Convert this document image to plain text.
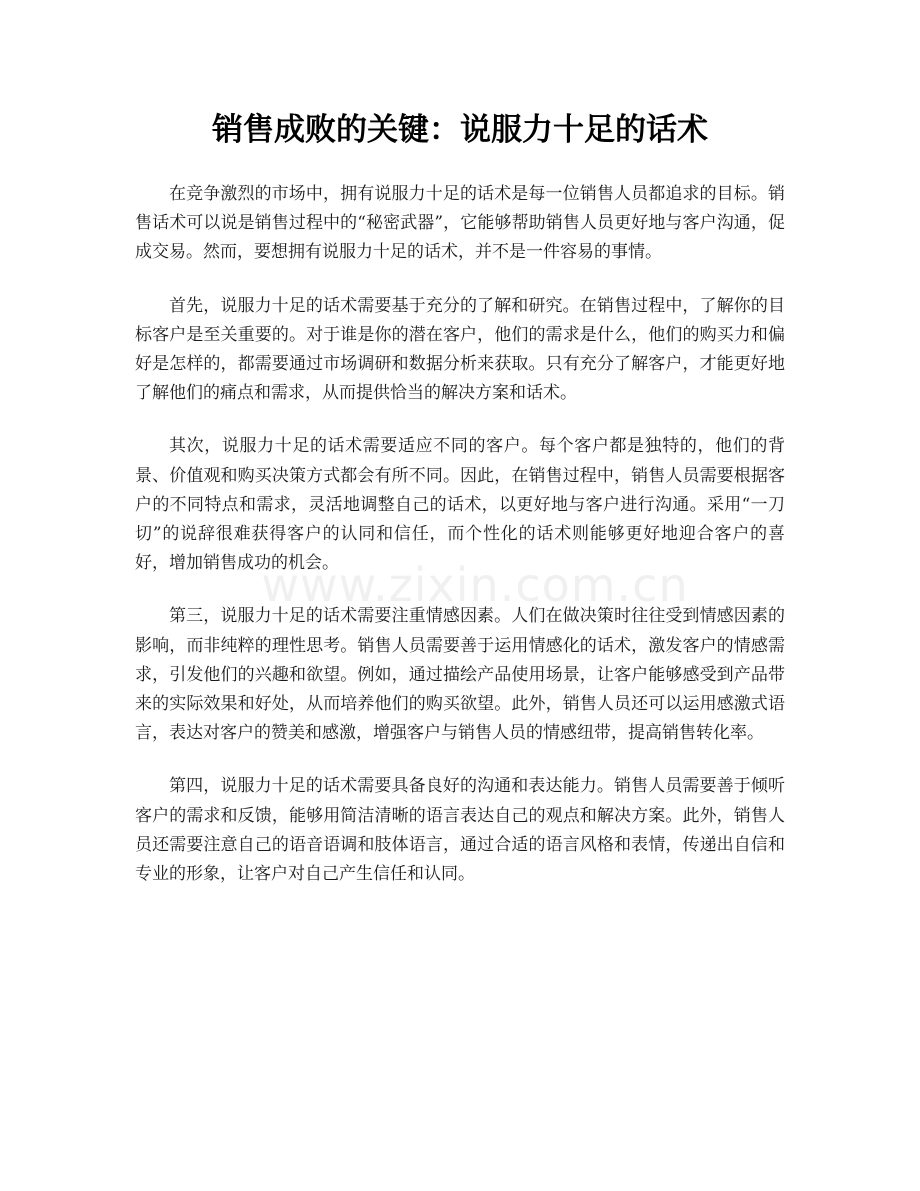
销售成败的关键：说服力十足的话术

在竞争激烈的市场中，拥有说服力十足的话术是每一位销售人员都追求的目标。销售话术可以说是销售过程中的“秘密武器”，它能够帮助销售人员更好地与客户沟通，促成交易。然而，要想拥有说服力十足的话术，并不是一件容易的事情。

首先，说服力十足的话术需要基于充分的了解和研究。在销售过程中，了解你的目标客户是至关重要的。对于谁是你的潜在客户，他们的需求是什么，他们的购买力和偏好是怎样的，都需要通过市场调研和数据分析来获取。只有充分了解客户，才能更好地了解他们的痛点和需求，从而提供恰当的解决方案和话术。

其次，说服力十足的话术需要适应不同的客户。每个客户都是独特的，他们的背景、价值观和购买决策方式都会有所不同。因此，在销售过程中，销售人员需要根据客户的不同特点和需求，灵活地调整自己的话术，以更好地与客户进行沟通。采用“一刀切”的说辞很难获得客户的认同和信任，而个性化的话术则能够更好地迎合客户的喜好，增加销售成功的机会。

第三，说服力十足的话术需要注重情感因素。人们在做决策时往往受到情感因素的影响，而非纯粹的理性思考。销售人员需要善于运用情感化的话术，激发客户的情感需求，引发他们的兴趣和欲望。例如，通过描绘产品使用场景，让客户能够感受到产品带来的实际效果和好处，从而培养他们的购买欲望。此外，销售人员还可以运用感激式语言，表达对客户的赞美和感激，增强客户与销售人员的情感纽带，提高销售转化率。

第四，说服力十足的话术需要具备良好的沟通和表达能力。销售人员需要善于倾听客户的需求和反馈，能够用简洁清晰的语言表达自己的观点和解决方案。此外，销售人员还需要注意自己的语音语调和肢体语言，通过合适的语言风格和表情，传递出自信和专业的形象，让客户对自己产生信任和认同。

www.zixin.com.cn
